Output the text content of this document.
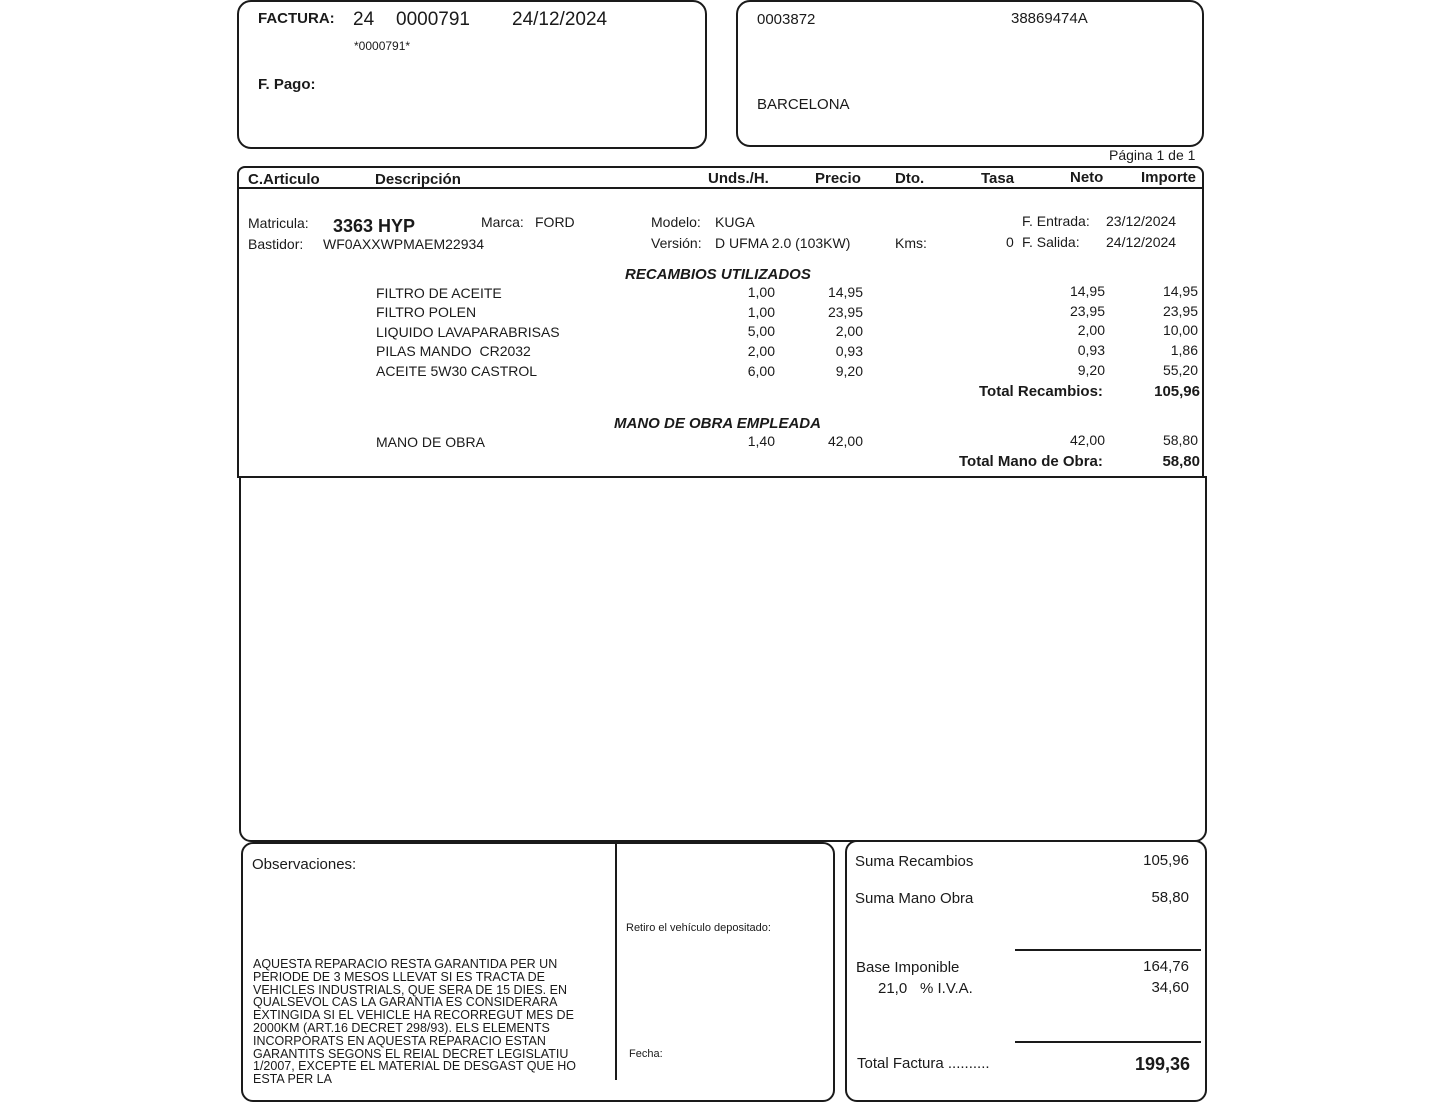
FACTURA: 24 0000791 24/12/2024
*0000791*
F. Pago:
0003872	38869474A
BARCELONA
Página 1 de 1
C.Articulo	Descripción	Unds./H.	Precio Dto.	Tasa	Neto	Importe
Matricula: 3363 HYP	Marca: FORD	Modelo: KUGA	F. Entrada: 23/12/2024
Bastidor: WF0AXXWPMAEM22934	Versión: D UFMA 2.0 (103KW)	Kms:	0 F. Salida: 24/12/2024
RECAMBIOS UTILIZADOS
FILTRO DE ACEITE	1,00	14,95	14,95	14,95
FILTRO POLEN	1,00	23,95	23,95	23,95
LIQUIDO LAVAPARABRISAS	5,00	2,00	2,00	10,00
PILAS MANDO  CR2032	2,00	0,93	0,93	1,86
ACEITE 5W30 CASTROL	6,00	9,20	9,20	55,20
Total Recambios:	105,96
MANO DE OBRA EMPLEADA
MANO DE OBRA	1,40	42,00	42,00	58,80
Total Mano de Obra:	58,80
Observaciones:
AQUESTA REPARACIO RESTA GARANTIDA PER UN PERIODE DE 3 MESOS LLEVAT SI ES TRACTA DE VEHICLES INDUSTRIALS, QUE SERA DE 15 DIES. EN QUALSEVOL CAS LA GARANTIA ES CONSIDERARA EXTINGIDA SI EL VEHICLE HA RECORREGUT MES DE 2000KM (ART.16 DECRET 298/93). ELS ELEMENTS INCORPORATS EN AQUESTA REPARACIO ESTAN GARANTITS SEGONS EL REIAL DECRET LEGISLATIU 1/2007, EXCEPTE EL MATERIAL DE DESGAST QUE HO ESTA PER LA
Retiro el vehículo depositado:
Fecha:
Suma Recambios	105,96
Suma Mano Obra	58,80
Base Imponible	164,76
21,0 % I.V.A.	34,60
Total Factura ..........	199,36
